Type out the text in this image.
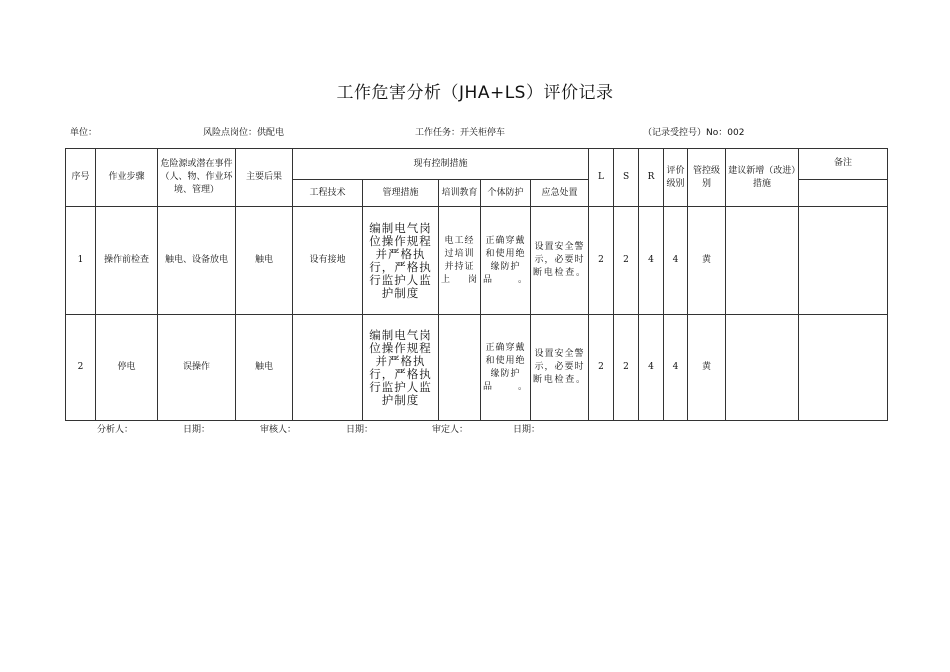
工作危害分析（JHA+LS）评价记录
单位：	风险点岗位：供配电	工作任务：开关柜停车	（记录受控号）No：002
序号	作业步骤	危险源或潜在事件（人、物、作业环境、管理）	主要后果	现有控制措施					L	S	R	评价级别	管控级别	建议新增（改进）措施	备注
				工程技术	管理措施	培训教育	个体防护	应急处置							
1	操作前检查	触电、设备放电	触电	设有接地	编制电气岗位操作规程并严格执行，严格执行监护人监护制度	电工经过培训并持证上岗	正确穿戴和使用绝缘防护品。	设置安全警示，必要时断电检查。	2	2	4	4	黄		
2	停电	误操作	触电		编制电气岗位操作规程并严格执行，严格执行监护人监护制度		正确穿戴和使用绝缘防护品。	设置安全警示，必要时断电检查。	2	2	4	4	黄		
分析人：	日期：	审核人：	日期：	审定人：	日期：
